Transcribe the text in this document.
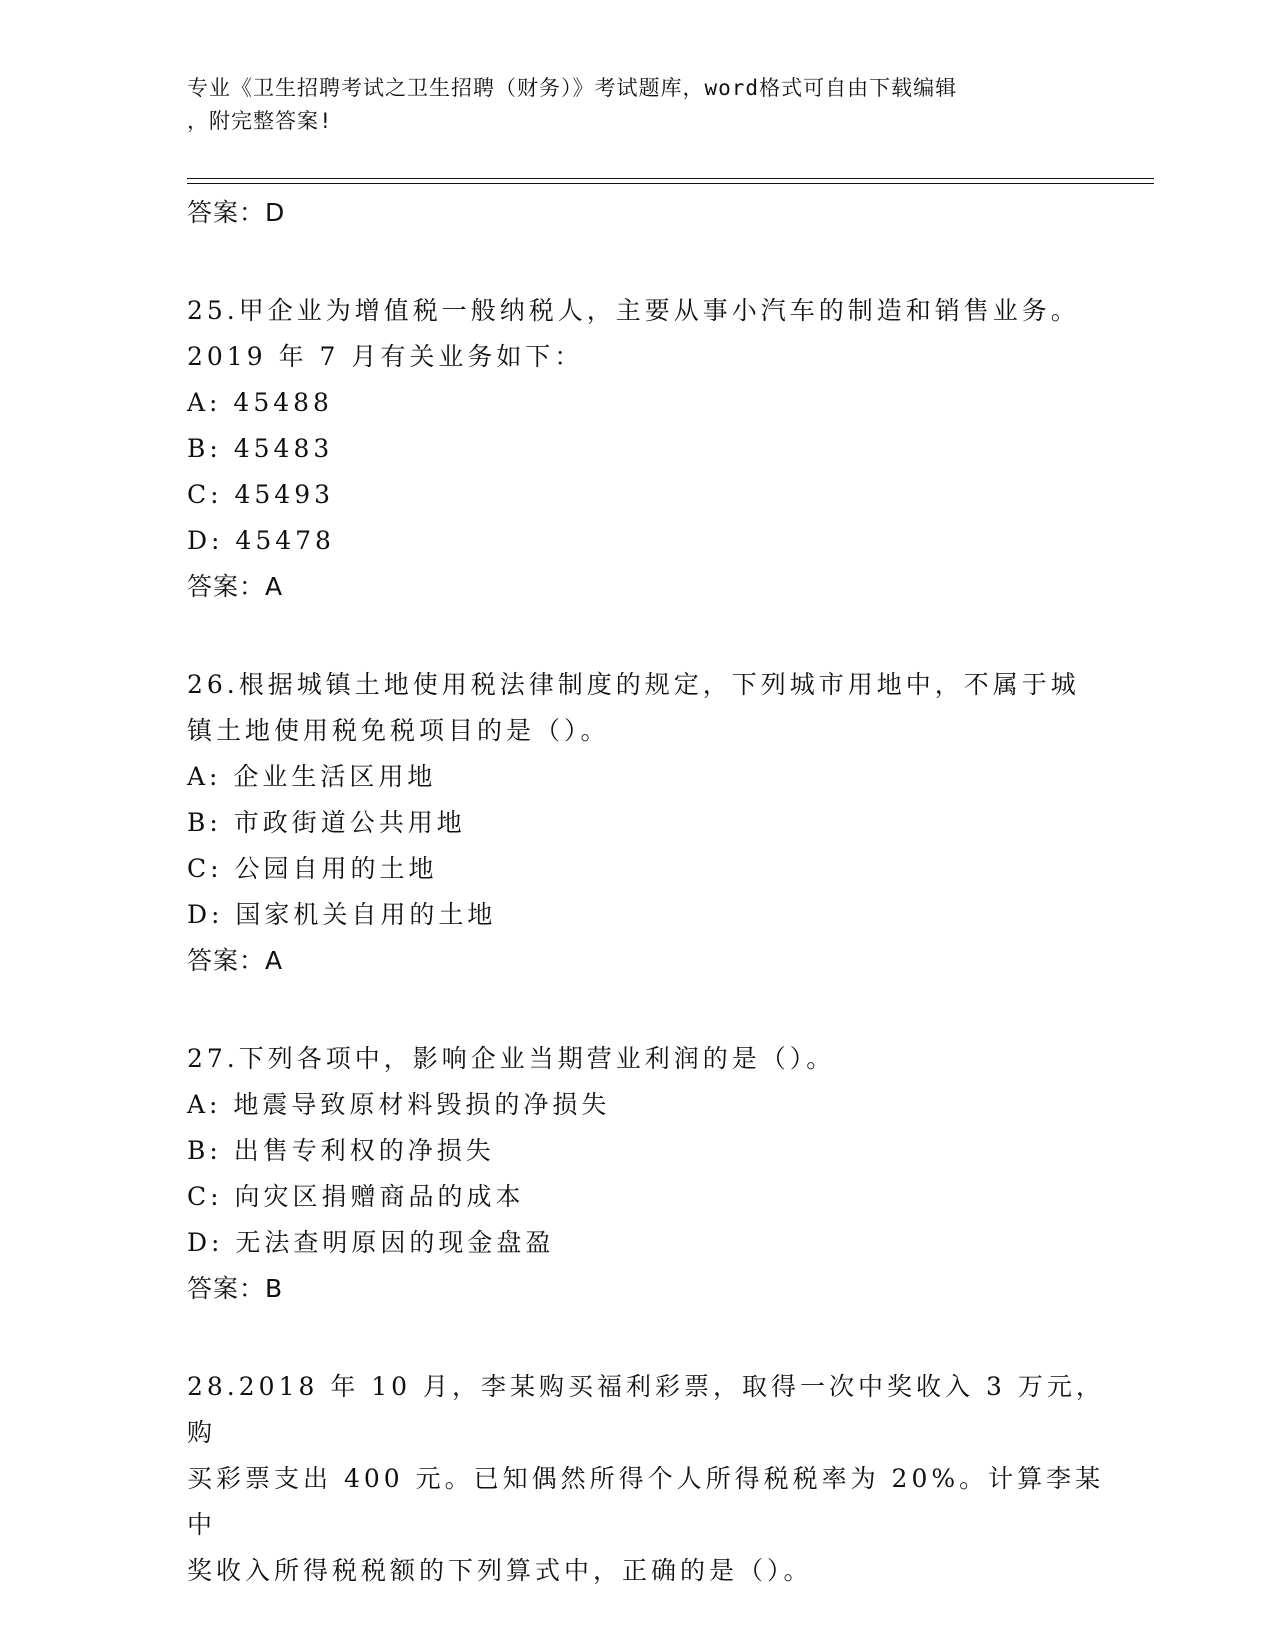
专业《卫生招聘考试之卫生招聘（财务）》考试题库，word格式可自由下载编辑
，附完整答案!

答案：D

25.甲企业为增值税一般纳税人，主要从事小汽车的制造和销售业务。

2019 年 7 月有关业务如下：

A: 45488

B: 45483

C: 45493

D: 45478

答案：A

26.根据城镇土地使用税法律制度的规定，下列城市用地中，不属于城

镇土地使用税免税项目的是（）。

A: 企业生活区用地

B: 市政街道公共用地

C: 公园自用的土地

D: 国家机关自用的土地

答案：A

27.下列各项中，影响企业当期营业利润的是（）。

A: 地震导致原材料毁损的净损失

B: 出售专利权的净损失

C: 向灾区捐赠商品的成本

D: 无法查明原因的现金盘盈

答案：B

28.2018 年 10 月，李某购买福利彩票，取得一次中奖收入 3 万元，购

买彩票支出 400 元。已知偶然所得个人所得税税率为 20%。计算李某中

奖收入所得税税额的下列算式中，正确的是（）。
